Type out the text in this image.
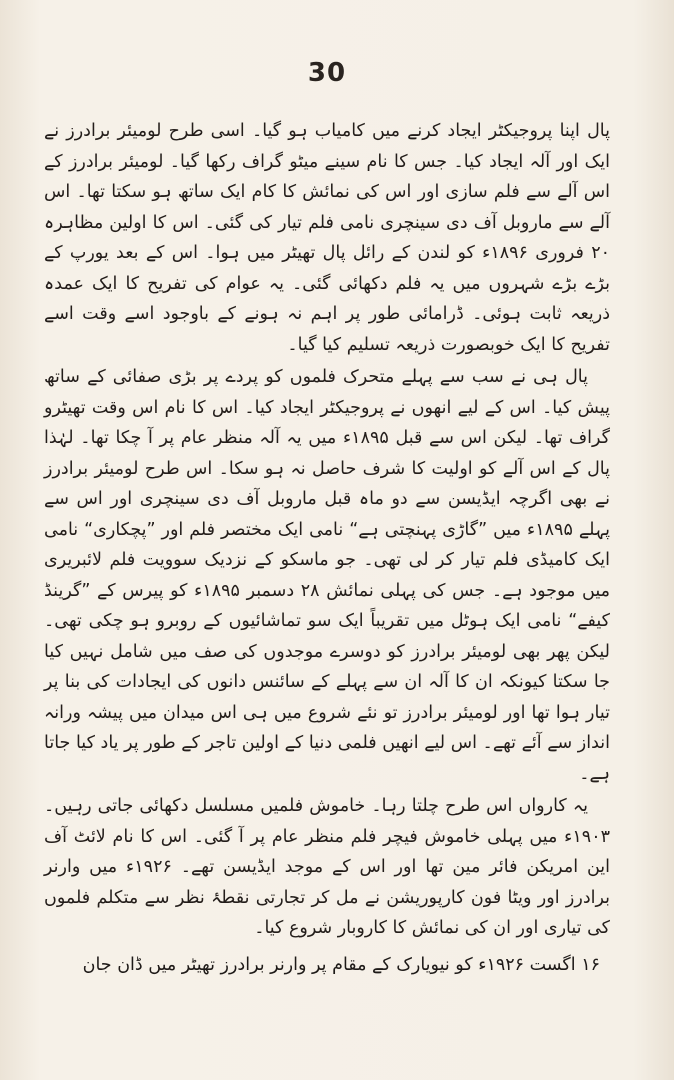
30

پال اپنا پروجیکٹر ایجاد کرنے میں کامیاب ہو گیا۔ اسی طرح لومیئر برادرز نے ایک اور آلہ ایجاد کیا۔ جس کا نام سینے میٹو گراف رکھا گیا۔ لومیئر برادرز کے اس آلے سے فلم سازی اور اس کی نمائش کا کام ایک ساتھ ہو سکتا تھا۔ اس آلے سے ماروبل آف دی سینچری نامی فلم تیار کی گئی۔ اس کا اولین مظاہرہ ۲۰ فروری ۱۸۹۶ء کو لندن کے رائل پال تھیٹر میں ہوا۔ اس کے بعد یورپ کے بڑے بڑے شہروں میں یہ فلم دکھائی گئی۔ یہ عوام کی تفریح کا ایک عمدہ ذریعہ ثابت ہوئی۔ ڈرامائی طور پر اہم نہ ہونے کے باوجود اسے وقت اسے تفریح کا ایک خوبصورت ذریعہ تسلیم کیا گیا۔

پال ہی نے سب سے پہلے متحرک فلموں کو پردے پر بڑی صفائی کے ساتھ پیش کیا۔ اس کے لیے انھوں نے پروجیکٹر ایجاد کیا۔ اس کا نام اس وقت تھیٹرو گراف تھا۔ لیکن اس سے قبل ۱۸۹۵ء میں یہ آلہ منظر عام پر آ چکا تھا۔ لہٰذا پال کے اس آلے کو اولیت کا شرف حاصل نہ ہو سکا۔ اس طرح لومیئر برادرز نے بھی اگرچہ ایڈیسن سے دو ماہ قبل ماروبل آف دی سینچری اور اس سے پہلے ۱۸۹۵ء میں ”گاڑی پہنچتی ہے“ نامی ایک مختصر فلم اور ”پچکاری“ نامی ایک کامیڈی فلم تیار کر لی تھی۔ جو ماسکو کے نزدیک سوویت فلم لائبریری میں موجود ہے۔ جس کی پہلی نمائش ۲۸ دسمبر ۱۸۹۵ء کو پیرس کے ”گرینڈ کیفے“ نامی ایک ہوٹل میں تقریباً ایک سو تماشائیوں کے روبرو ہو چکی تھی۔ لیکن پھر بھی لومیئر برادرز کو دوسرے موجدوں کی صف میں شامل نہیں کیا جا سکتا کیونکہ ان کا آلہ ان سے پہلے کے سائنس دانوں کی ایجادات کی بنا پر تیار ہوا تھا اور لومیئر برادرز تو نئے شروع میں ہی اس میدان میں پیشہ ورانہ انداز سے آئے تھے۔ اس لیے انھیں فلمی دنیا کے اولین تاجر کے طور پر یاد کیا جاتا ہے۔

یہ کارواں اس طرح چلتا رہا۔ خاموش فلمیں مسلسل دکھائی جاتی رہیں۔ ۱۹۰۳ء میں پہلی خاموش فیچر فلم منظر عام پر آ گئی۔ اس کا نام لائٹ آف این امریکن فائر مین تھا اور اس کے موجد ایڈیسن تھے۔ ۱۹۲۶ء میں وارنر برادرز اور ویٹا فون کارپوریشن نے مل کر تجارتی نقطۂ نظر سے متکلم فلموں کی تیاری اور ان کی نمائش کا کاروبار شروع کیا۔

۱۶ اگست ۱۹۲۶ء کو نیویارک کے مقام پر وارنر برادرز تھیٹر میں ڈان جان
